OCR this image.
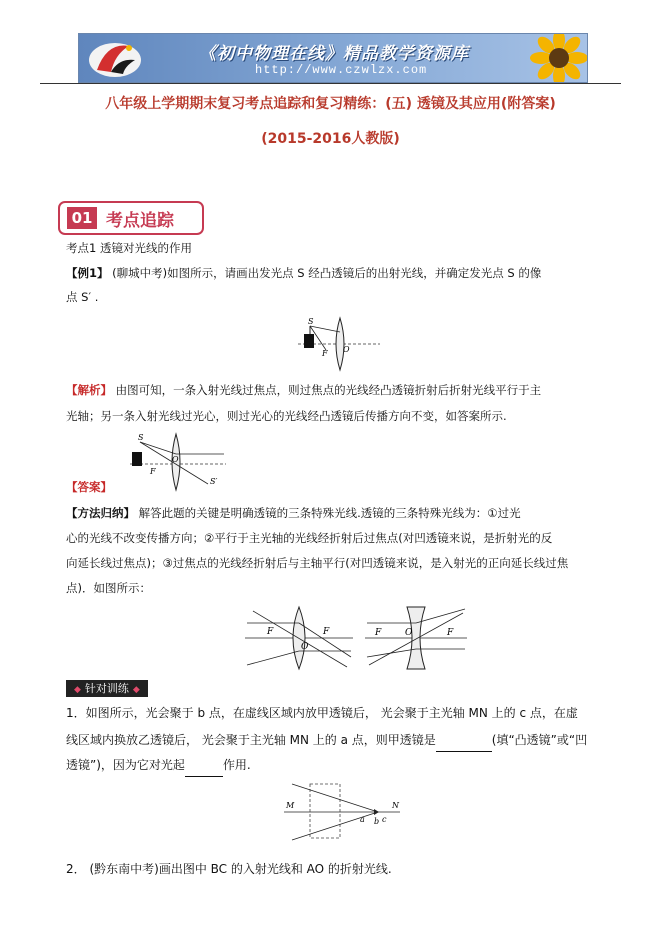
《初中物理在线》精品教学资源库
http://www.czwlzx.com
八年级上学期期末复习考点追踪和复习精练：(五) 透镜及其应用(附答案)
(2015-2016人教版)
01 考点追踪
考点1 透镜对光线的作用
【例1】 (聊城中考)如图所示，请画出发光点 S 经凸透镜后的出射光线，并确定发光点 S 的像
点 S′ .
S
F O
【解析】 由图可知，一条入射光线过焦点，则过焦点的光线经凸透镜折射后折射光线平行于主
光轴；另一条入射光线过光心，则过光心的光线经凸透镜后传播方向不变，如答案所示.
S
F
O
S′
【答案】
【方法归纳】 解答此题的关键是明确透镜的三条特殊光线.透镜的三条特殊光线为：①过光
心的光线不改变传播方向；②平行于主光轴的光线经折射后过焦点(对凹透镜来说，是折射光的反
向延长线过焦点)；③过焦点的光线经折射后与主轴平行(对凹透镜来说，是入射光的正向延长线过焦
点)．如图所示：
F	F
O
F	F
O
◆ 针对训练 ◆
1．如图所示，光会聚于 b 点，在虚线区域内放甲透镜后， 光会聚于主光轴 MN 上的 c 点，在虚
线区域内换放乙透镜后， 光会聚于主光轴 MN 上的 a 点，则甲透镜是	(填“凸透镜”或“凹
透镜”)，因为它对光起	作用.
M	N
a b c
2． (黔东南中考)画出图中 BC 的入射光线和 AO 的折射光线.
